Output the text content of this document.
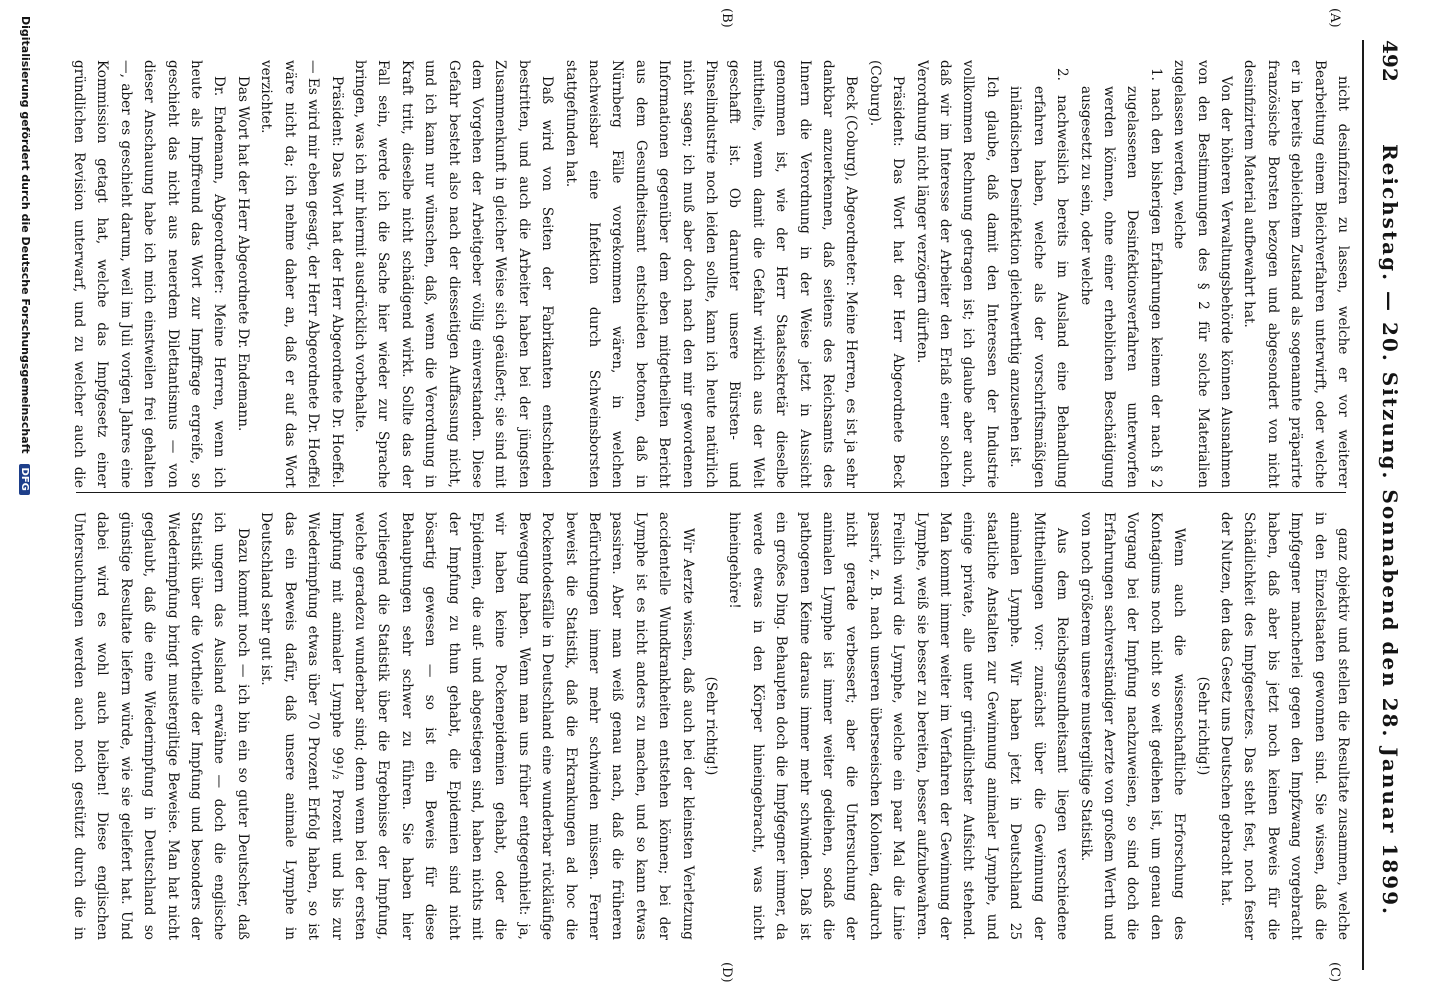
492
Reichstag. — 20. Sitzung. Sonnabend den 28. Januar 1899.
(A)
(B)
(C)
(D)

nicht desinfiziren zu lassen, welche er vor weiterer Bearbeitung einem Bleichverfahren unterwirft, oder welche er in bereits gebleichtem Zustand als sogenannte präparirte französische Borsten bezogen und abgesondert von nicht desinfizirtem Material aufbewahrt hat.

Von der höheren Verwaltungsbehörde können Ausnahmen von den Bestimmungen des § 2 für solche Materialien zugelassen werden, welche

1. nach den bisherigen Erfahrungen keinem der nach § 2 zugelassenen Desinfektionsverfahren unterworfen werden können, ohne einer erheblichen Beschädigung ausgesetzt zu sein, oder welche

2. nachweislich bereits im Ausland eine Behandlung erfahren haben, welche als der vorschriftsmäßigen inländischen Desinfektion gleichwerthig anzusehen ist.

Ich glaube, daß damit den Interessen der Industrie vollkommen Rechnung getragen ist; ich glaube aber auch, daß wir im Interesse der Arbeiter den Erlaß einer solchen Verordnung nicht länger verzögern dürften.

Präsident: Das Wort hat der Herr Abgeordnete Beck (Coburg).

Beck (Coburg), Abgeordneter: Meine Herren, es ist ja sehr dankbar anzuerkennen, daß seitens des Reichsamts des Innern die Verordnung in der Weise jetzt in Aussicht genommen ist, wie der Herr Staatssekretär dieselbe mittheilte, wenn damit die Gefahr wirklich aus der Welt geschafft ist. Ob darunter unsere Bürsten- und Pinselindustrie noch leiden sollte, kann ich heute natürlich nicht sagen; ich muß aber doch nach den mir gewordenen Informationen gegenüber dem eben mitgetheilten Bericht aus dem Gesundheitsamt entschieden betonen, daß in Nürnberg Fälle vorgekommen wären, in welchen nachweisbar eine Infektion durch Schweinsborsten stattgefunden hat.

Daß wird von Seiten der Fabrikanten entschieden bestritten, und auch die Arbeiter haben bei der jüngsten Zusammenkunft in gleicher Weise sich geäußert; sie sind mit dem Vorgehen der Arbeitgeber völlig einverstanden. Diese Gefahr besteht also nach der diesseitigen Auffassung nicht, und ich kann nur wünschen, daß, wenn die Verordnung in Kraft tritt, dieselbe nicht schädigend wirkt. Sollte das der Fall sein, werde ich die Sache hier wieder zur Sprache bringen, was ich mir hiermit ausdrücklich vorbehalte.

Präsident: Das Wort hat der Herr Abgeordnete Dr. Hoeffel. — Es wird mir eben gesagt, der Herr Abgeordnete Dr. Hoeffel wäre nicht da; ich nehme daher an, daß er auf das Wort verzichtet.

Das Wort hat der Herr Abgeordnete Dr. Endemann.

Dr. Endemann, Abgeordneter: Meine Herren, wenn ich heute als Impffreund das Wort zur Impffrage ergreife, so geschieht das nicht aus neuerdem Dilettantismus — von dieser Anschauung habe ich mich einstweilen frei gehalten —, aber es geschieht darum, weil im Juli vorigen Jahres eine Kommission getagt hat, welche das Impfgesetz einer gründlichen Revision unterwarf, und zu welcher auch die

ganz objektiv und stellen die Resultate zusammen, welche in den Einzelstaaten gewonnen sind. Sie wissen, daß die Impfgegner mancherlei gegen den Impfzwang vorgebracht haben, daß aber bis jetzt noch keinen Beweis für die Schädlichkeit des Impfgesetzes. Das steht fest, noch fester der Nutzen, den das Gesetz uns Deutschen gebracht hat.

(Sehr richtig!)

Wenn auch die wissenschaftliche Erforschung des Kontagiums noch nicht so weit gediehen ist, um genau den Vorgang bei der Impfung nachzuweisen, so sind doch die Erfahrungen sachverständiger Aerzte von großem Werth und von noch größerem unsere mustergiltige Statistik.

Aus dem Reichsgesundheitsamt liegen verschiedene Mittheilungen vor: zunächst über die Gewinnung der animalen Lymphe. Wir haben jetzt in Deutschland 25 staatliche Anstalten zur Gewinnung animaler Lymphe, und einige private, alle unter gründlichster Aufsicht stehend. Man kommt immer weiter im Verfahren der Gewinnung der Lymphe, weiß sie besser zu bereiten, besser aufzubewahren. Freilich wird die Lymphe, welche ein paar Mal die Linie passirt, z. B. nach unseren überseeischen Kolonien, dadurch nicht gerade verbessert; aber die Untersuchung der animalen Lymphe ist immer weiter gediehen, sodaß die pathogenen Keime daraus immer mehr schwinden. Daß ist ein großes Ding. Behaupten doch die Impfgegner immer, da werde etwas in den Körper hineingebracht, was nicht hineingehöre!

(Sehr richtig!)

Wir Aerzte wissen, daß auch bei der kleinsten Verletzung accidentelle Wundkrankheiten entstehen können; bei der Lymphe ist es nicht anders zu machen, und so kann etwas passiren. Aber man weiß genau nach, daß die früheren Befürchtungen immer mehr schwinden müssen. Ferner beweist die Statistik, daß die Erkrankungen ad hoc die Pockentodesfälle in Deutschland eine wunderbar rückläufige Bewegung haben. Wenn man uns früher entgegenhielt: ja, wir haben keine Pockenepidemien gehabt, oder die Epidemien, die auf- und abgestiegen sind, haben nichts mit der Impfung zu thun gehabt, die Epidemien sind nicht bösartig gewesen — so ist ein Beweis für diese Behauptungen sehr schwer zu führen. Sie haben hier vorliegend die Statistik über die Ergebnisse der Impfung, welche geradezu wunderbar sind; denn wenn bei der ersten Impfung mit animaler Lymphe 99¹/₂ Prozent und bis zur Wiederimpfung etwas über 70 Prozent Erfolg haben, so ist das ein Beweis dafür, daß unsere animale Lymphe in Deutschland sehr gut ist.

Dazu kommt noch — ich bin ein so guter Deutscher, daß ich ungern das Ausland erwähne — doch die englische Statistik über die Vortheile der Impfung und besonders der Wiederimpfung bringt mustergiltige Beweise. Man hat nicht geglaubt, daß die eine Wiederimpfung in Deutschland so günstige Resultate liefern würde, wie sie geliefert hat. Und dabei wird es wohl auch bleiben! Diese englischen Untersuchungen werden auch noch gestützt durch die in

Digitalisierung gefördert durch die Deutsche Forschungsgemeinschaft DFG
